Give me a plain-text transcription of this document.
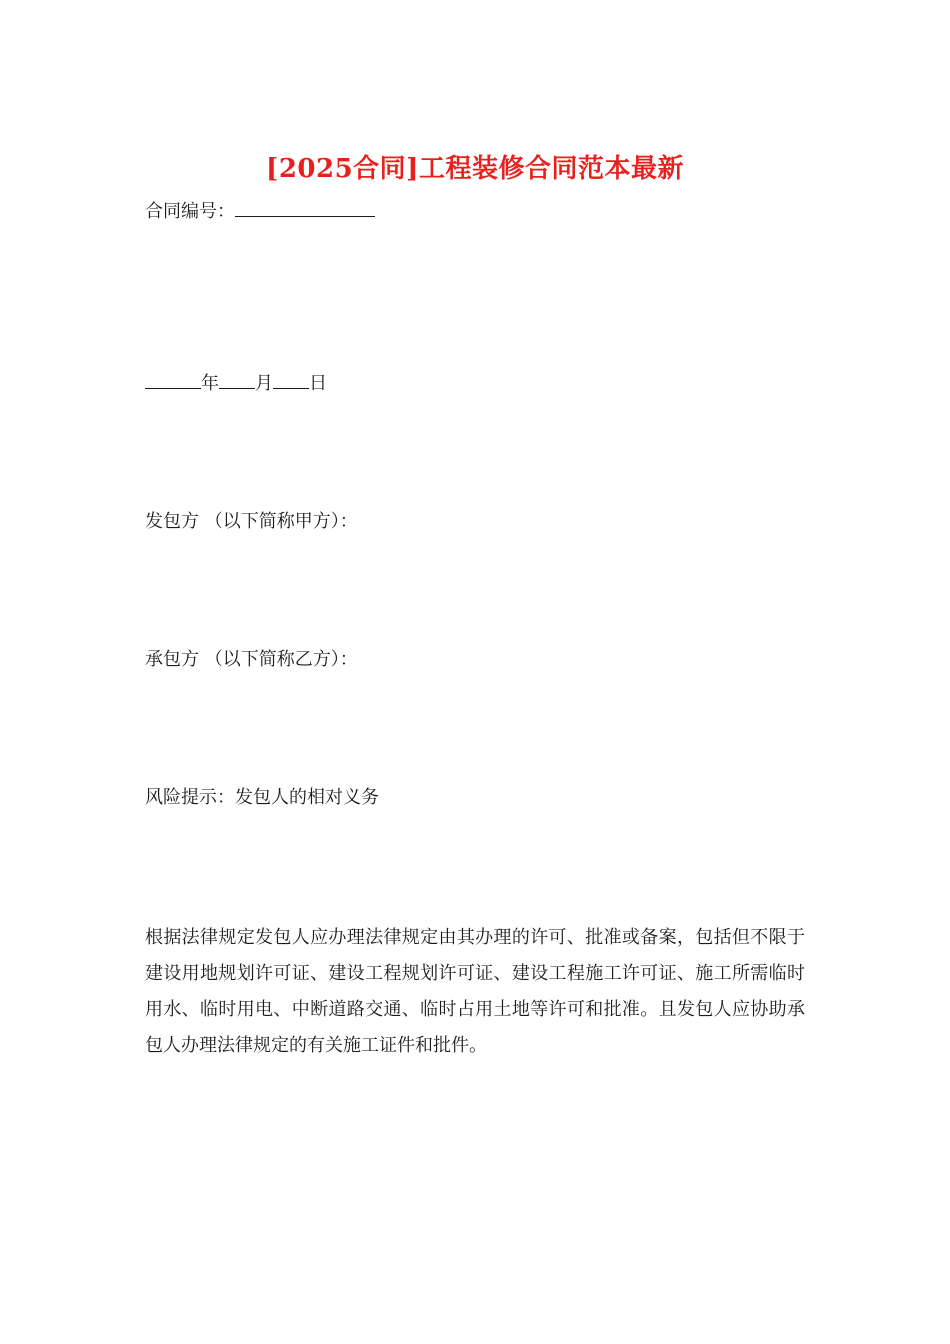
[2025合同]工程装修合同范本最新
合同编号：
年 月 日
发包方 （以下简称甲方）：
承包方 （以下简称乙方）：
风险提示：发包人的相对义务
根据法律规定发包人应办理法律规定由其办理的许可、批准或备案，包括但不限于建设用地规划许可证、建设工程规划许可证、建设工程施工许可证、施工所需临时用水、临时用电、中断道路交通、临时占用土地等许可和批准。且发包人应协助承包人办理法律规定的有关施工证件和批件。
